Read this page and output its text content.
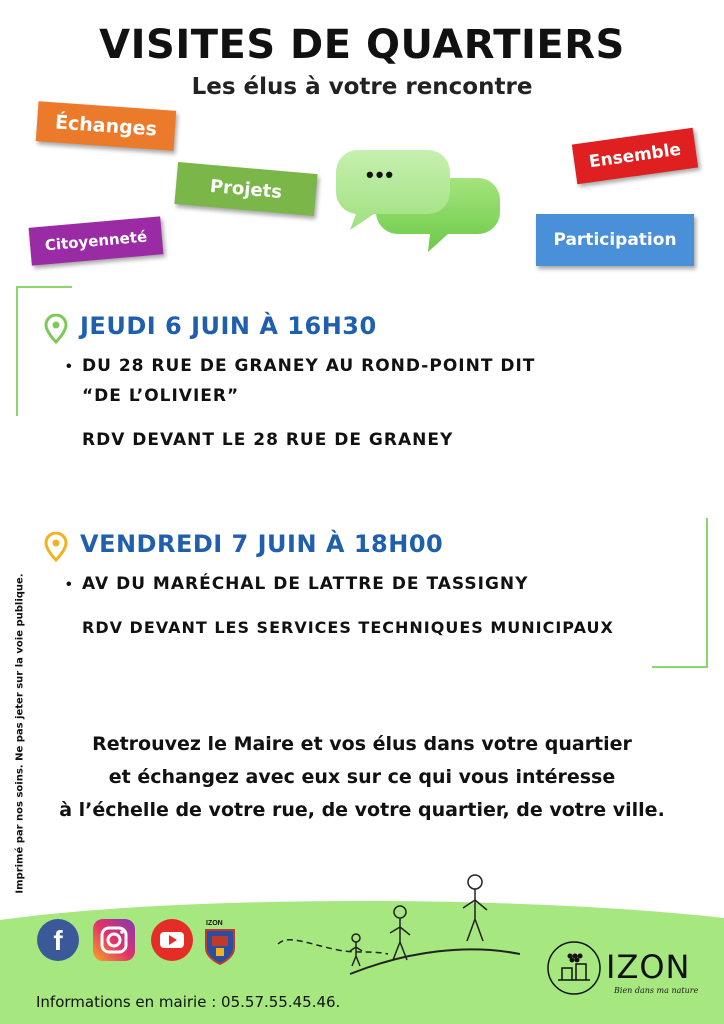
VISITES DE QUARTIERS
Les élus à votre rencontre
Échanges
Projets
Citoyenneté
Ensemble
Participation
•••
JEUDI 6 JUIN À 16H30
• DU 28 RUE DE GRANEY AU ROND-POINT DIT
“DE L’OLIVIER”
RDV DEVANT LE 28 RUE DE GRANEY
VENDREDI 7 JUIN À 18H00
• AV DU MARÉCHAL DE LATTRE DE TASSIGNY
RDV DEVANT LES SERVICES TECHNIQUES MUNICIPAUX
Imprimé par nos soins. Ne pas jeter sur la voie publique.	Retrouvez le Maire et vos élus dans votre quartier
et échangez avec eux sur ce qui vous intéresse
à l’échelle de votre rue, de votre quartier, de votre ville.
f
IZON
IZON
Bien dans ma nature
Informations en mairie : 05.57.55.45.46.
